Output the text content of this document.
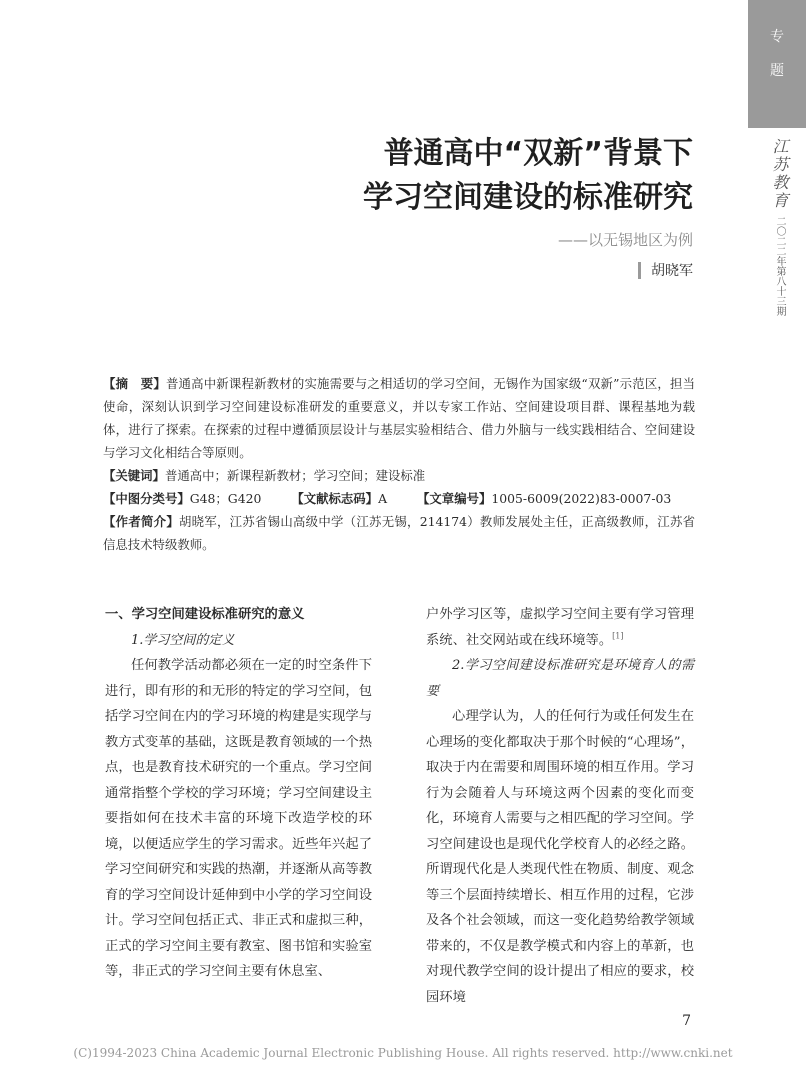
专
题
江苏教育
二〇二二年第八十三期
普通高中“双新”背景下
学习空间建设的标准研究
——以无锡地区为例
胡晓军

【摘　要】普通高中新课程新教材的实施需要与之相适切的学习空间，无锡作为国家级“双新”示范区，担当使命，深刻认识到学习空间建设标准研发的重要意义，并以专家工作站、空间建设项目群、课程基地为载体，进行了探索。在探索的过程中遵循顶层设计与基层实验相结合、借力外脑与一线实践相结合、空间建设与学习文化相结合等原则。

【关键词】普通高中；新课程新教材；学习空间；建设标准

【中图分类号】G48；G420 【文献标志码】A 【文章编号】1005-6009(2022)83-0007-03

【作者简介】胡晓军，江苏省锡山高级中学（江苏无锡，214174）教师发展处主任，正高级教师，江苏省信息技术特级教师。

一、学习空间建设标准研究的意义
1.学习空间的定义

任何教学活动都必须在一定的时空条件下进行，即有形的和无形的特定的学习空间，包括学习空间在内的学习环境的构建是实现学与教方式变革的基础，这既是教育领域的一个热点，也是教育技术研究的一个重点。学习空间通常指整个学校的学习环境；学习空间建设主要指如何在技术丰富的环境下改造学校的环境，以便适应学生的学习需求。近些年兴起了学习空间研究和实践的热潮，并逐渐从高等教育的学习空间设计延伸到中小学的学习空间设计。学习空间包括正式、非正式和虚拟三种，正式的学习空间主要有教室、图书馆和实验室等，非正式的学习空间主要有休息室、

户外学习区等，虚拟学习空间主要有学习管理系统、社交网站或在线环境等。[1]

2.学习空间建设标准研究是环境育人的需要

心理学认为，人的任何行为或任何发生在心理场的变化都取决于那个时候的“心理场”，取决于内在需要和周围环境的相互作用。学习行为会随着人与环境这两个因素的变化而变化，环境育人需要与之相匹配的学习空间。学习空间建设也是现代化学校育人的必经之路。所谓现代化是人类现代性在物质、制度、观念等三个层面持续增长、相互作用的过程，它涉及各个社会领域，而这一变化趋势给教学领域带来的，不仅是教学模式和内容上的革新，也对现代教学空间的设计提出了相应的要求，校园环境

7
(C)1994-2023 China Academic Journal Electronic Publishing House. All rights reserved. http://www.cnki.net
